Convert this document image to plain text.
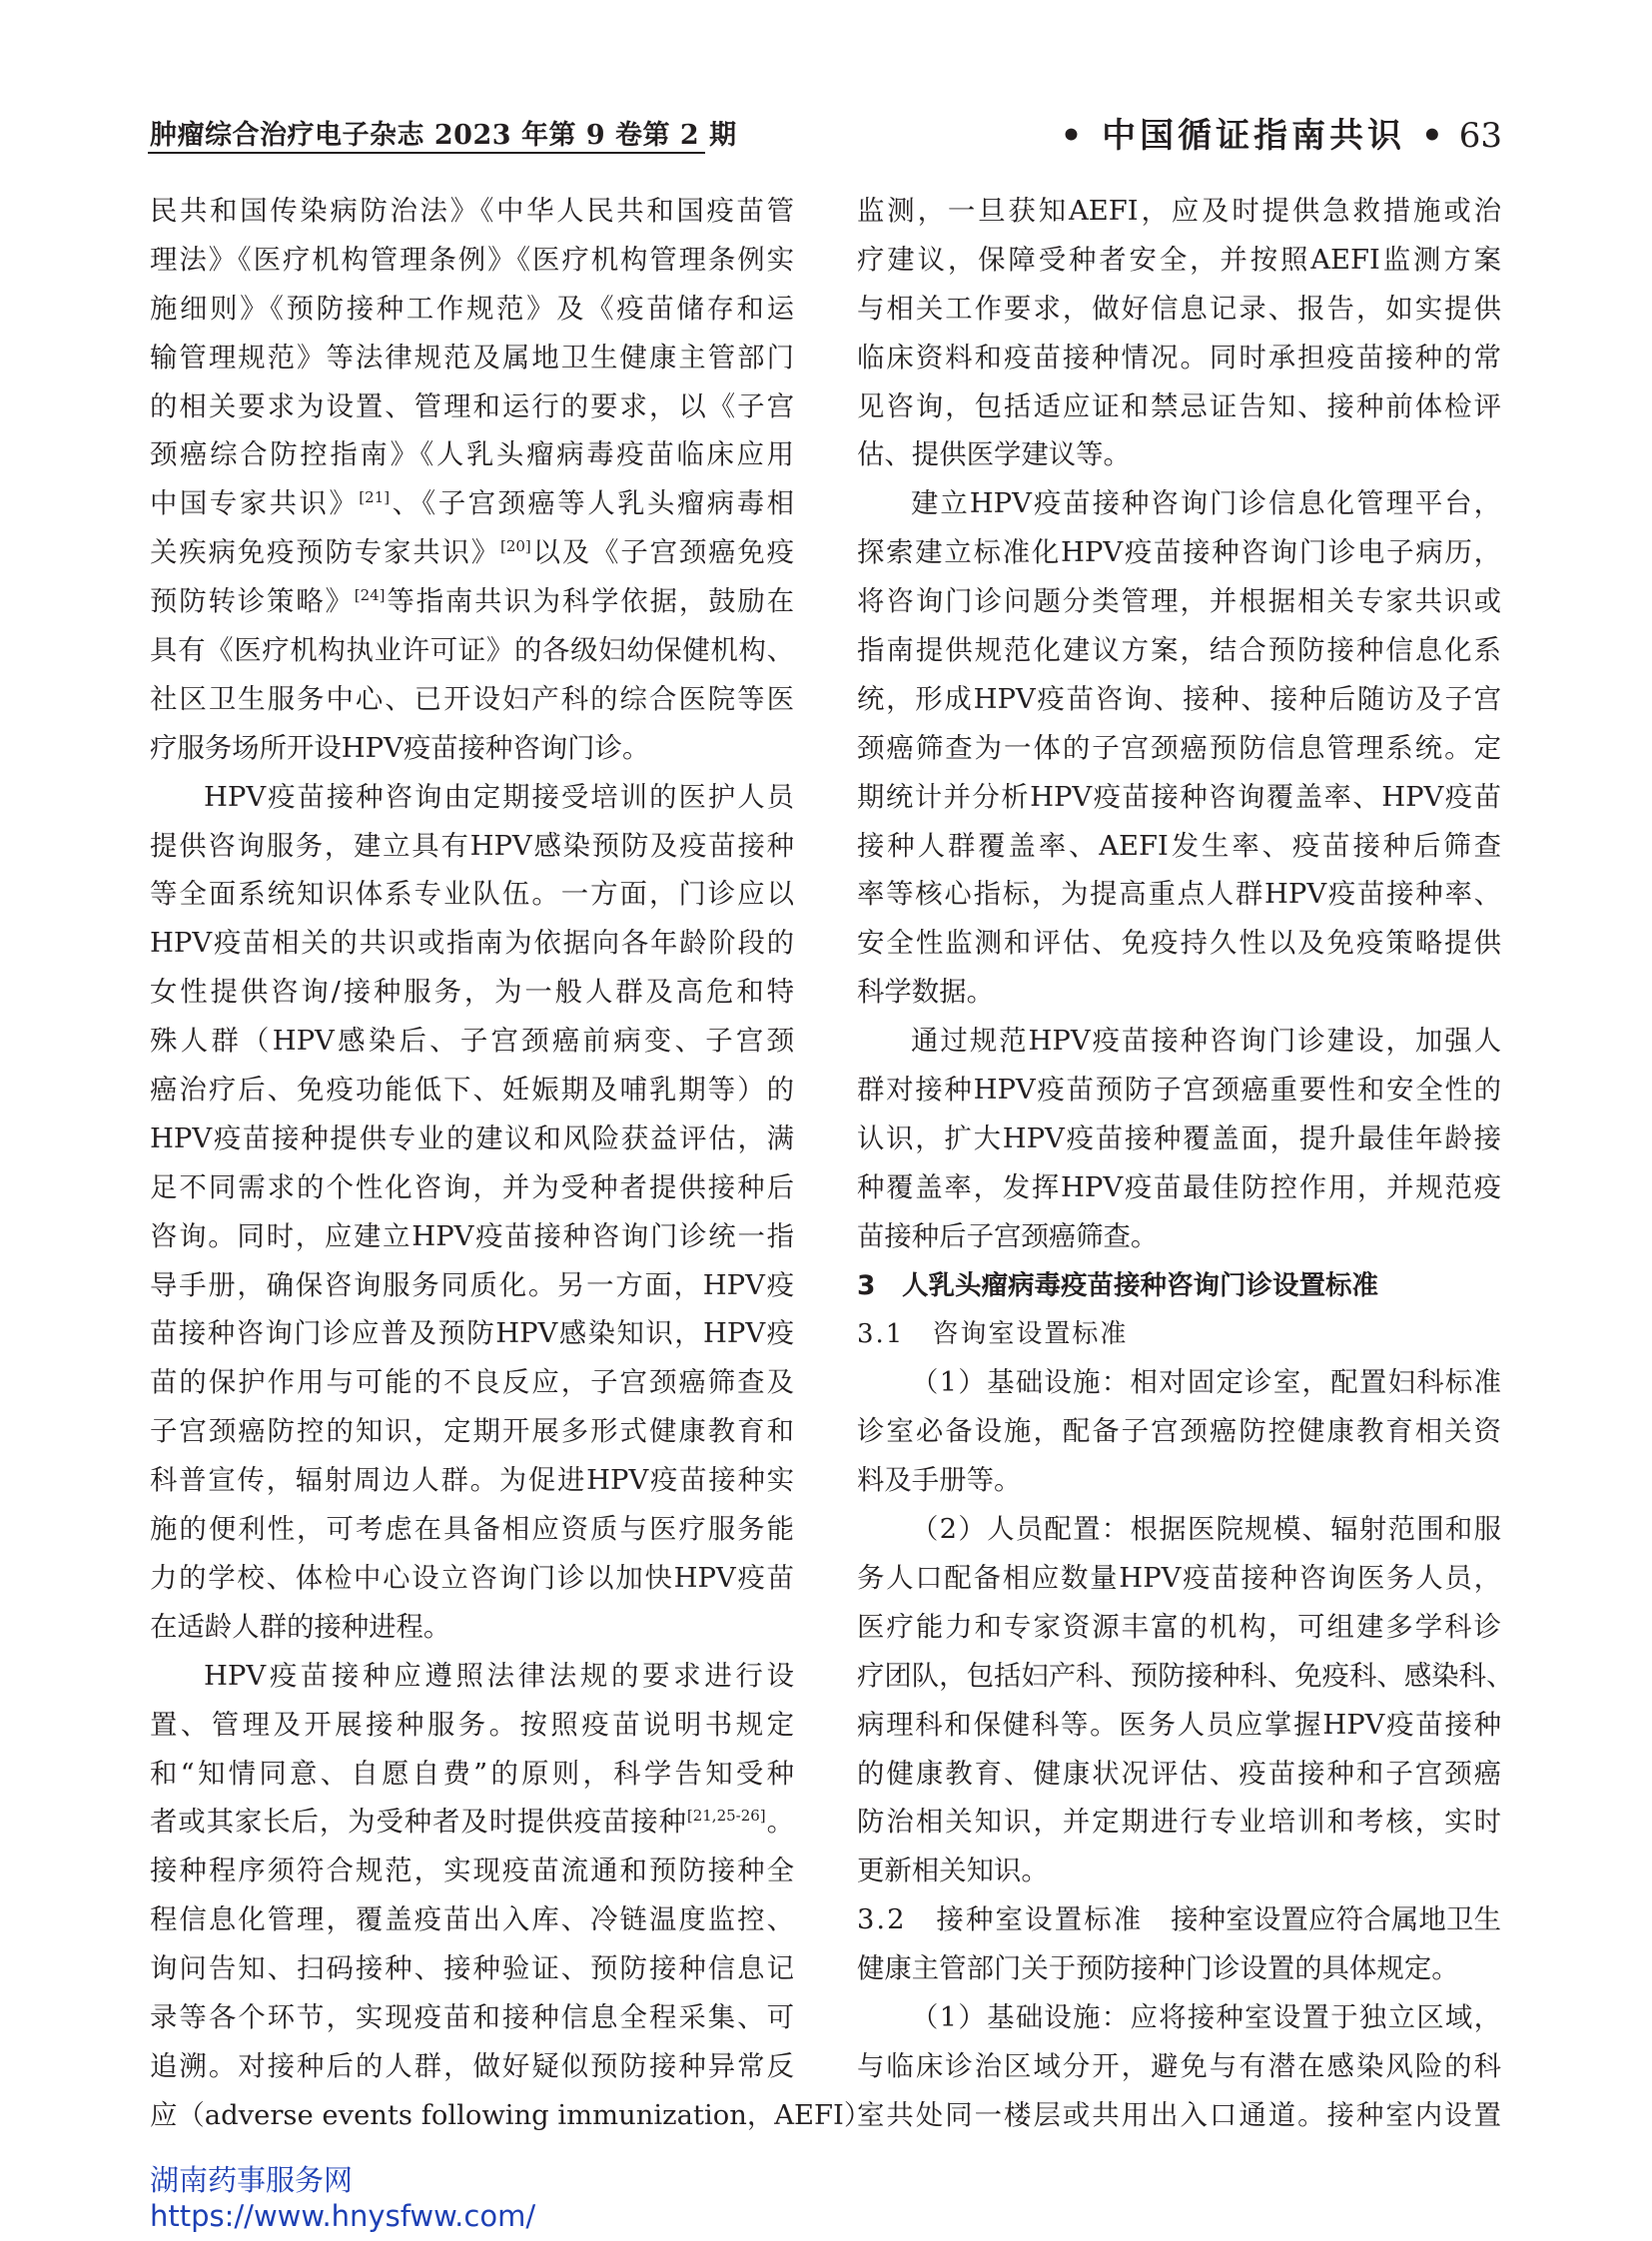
肿瘤综合治疗电子杂志 2023 年第 9 卷第 2 期	• 中国循证指南共识 • 63
民共和国传染病防治法》《中华人民共和国疫苗管
理法》《医疗机构管理条例》《医疗机构管理条例实
施细则》《预防接种工作规范》及《疫苗储存和运
输管理规范》等法律规范及属地卫生健康主管部门
的相关要求为设置、管理和运行的要求，以《子宫
颈癌综合防控指南》《人乳头瘤病毒疫苗临床应用
中国专家共识》[21]、《子宫颈癌等人乳头瘤病毒相
关疾病免疫预防专家共识》[20]以及《子宫颈癌免疫
预防转诊策略》[24]等指南共识为科学依据，鼓励在
具有《医疗机构执业许可证》的各级妇幼保健机构、
社区卫生服务中心、已开设妇产科的综合医院等医
疗服务场所开设HPV疫苗接种咨询门诊。
HPV疫苗接种咨询由定期接受培训的医护人员
提供咨询服务，建立具有HPV感染预防及疫苗接种
等全面系统知识体系专业队伍。一方面，门诊应以
HPV疫苗相关的共识或指南为依据向各年龄阶段的
女性提供咨询/接种服务，为一般人群及高危和特
殊人群（HPV感染后、子宫颈癌前病变、子宫颈
癌治疗后、免疫功能低下、妊娠期及哺乳期等）的
HPV疫苗接种提供专业的建议和风险获益评估，满
足不同需求的个性化咨询，并为受种者提供接种后
咨询。同时，应建立HPV疫苗接种咨询门诊统一指
导手册，确保咨询服务同质化。另一方面，HPV疫
苗接种咨询门诊应普及预防HPV感染知识，HPV疫
苗的保护作用与可能的不良反应，子宫颈癌筛查及
子宫颈癌防控的知识，定期开展多形式健康教育和
科普宣传，辐射周边人群。为促进HPV疫苗接种实
施的便利性，可考虑在具备相应资质与医疗服务能
力的学校、体检中心设立咨询门诊以加快HPV疫苗
在适龄人群的接种进程。
HPV疫苗接种应遵照法律法规的要求进行设
置、管理及开展接种服务。按照疫苗说明书规定
和“知情同意、自愿自费”的原则，科学告知受种
者或其家长后，为受种者及时提供疫苗接种[21,25-26]。
接种程序须符合规范，实现疫苗流通和预防接种全
程信息化管理，覆盖疫苗出入库、冷链温度监控、
询问告知、扫码接种、接种验证、预防接种信息记
录等各个环节，实现疫苗和接种信息全程采集、可
追溯。对接种后的人群，做好疑似预防接种异常反
应（adverse events following immunization，AEFI）
监测，一旦获知AEFI，应及时提供急救措施或治
疗建议，保障受种者安全，并按照AEFI监测方案
与相关工作要求，做好信息记录、报告，如实提供
临床资料和疫苗接种情况。同时承担疫苗接种的常
见咨询，包括适应证和禁忌证告知、接种前体检评
估、提供医学建议等。
建立HPV疫苗接种咨询门诊信息化管理平台，
探索建立标准化HPV疫苗接种咨询门诊电子病历，
将咨询门诊问题分类管理，并根据相关专家共识或
指南提供规范化建议方案，结合预防接种信息化系
统，形成HPV疫苗咨询、接种、接种后随访及子宫
颈癌筛查为一体的子宫颈癌预防信息管理系统。定
期统计并分析HPV疫苗接种咨询覆盖率、HPV疫苗
接种人群覆盖率、AEFI发生率、疫苗接种后筛查
率等核心指标，为提高重点人群HPV疫苗接种率、
安全性监测和评估、免疫持久性以及免疫策略提供
科学数据。
通过规范HPV疫苗接种咨询门诊建设，加强人
群对接种HPV疫苗预防子宫颈癌重要性和安全性的
认识，扩大HPV疫苗接种覆盖面，提升最佳年龄接
种覆盖率，发挥HPV疫苗最佳防控作用，并规范疫
苗接种后子宫颈癌筛查。
3　人乳头瘤病毒疫苗接种咨询门诊设置标准
3.1　咨询室设置标准
（1）基础设施：相对固定诊室，配置妇科标准
诊室必备设施，配备子宫颈癌防控健康教育相关资
料及手册等。
（2）人员配置：根据医院规模、辐射范围和服
务人口配备相应数量HPV疫苗接种咨询医务人员，
医疗能力和专家资源丰富的机构，可组建多学科诊
疗团队，包括妇产科、预防接种科、免疫科、感染科、
病理科和保健科等。医务人员应掌握HPV疫苗接种
的健康教育、健康状况评估、疫苗接种和子宫颈癌
防治相关知识，并定期进行专业培训和考核，实时
更新相关知识。
3.2　接种室设置标准　接种室设置应符合属地卫生
健康主管部门关于预防接种门诊设置的具体规定。
（1）基础设施：应将接种室设置于独立区域，
与临床诊治区域分开，避免与有潜在感染风险的科
室共处同一楼层或共用出入口通道。接种室内设置
湖南药事服务网
https://www.hnysfww.com/
